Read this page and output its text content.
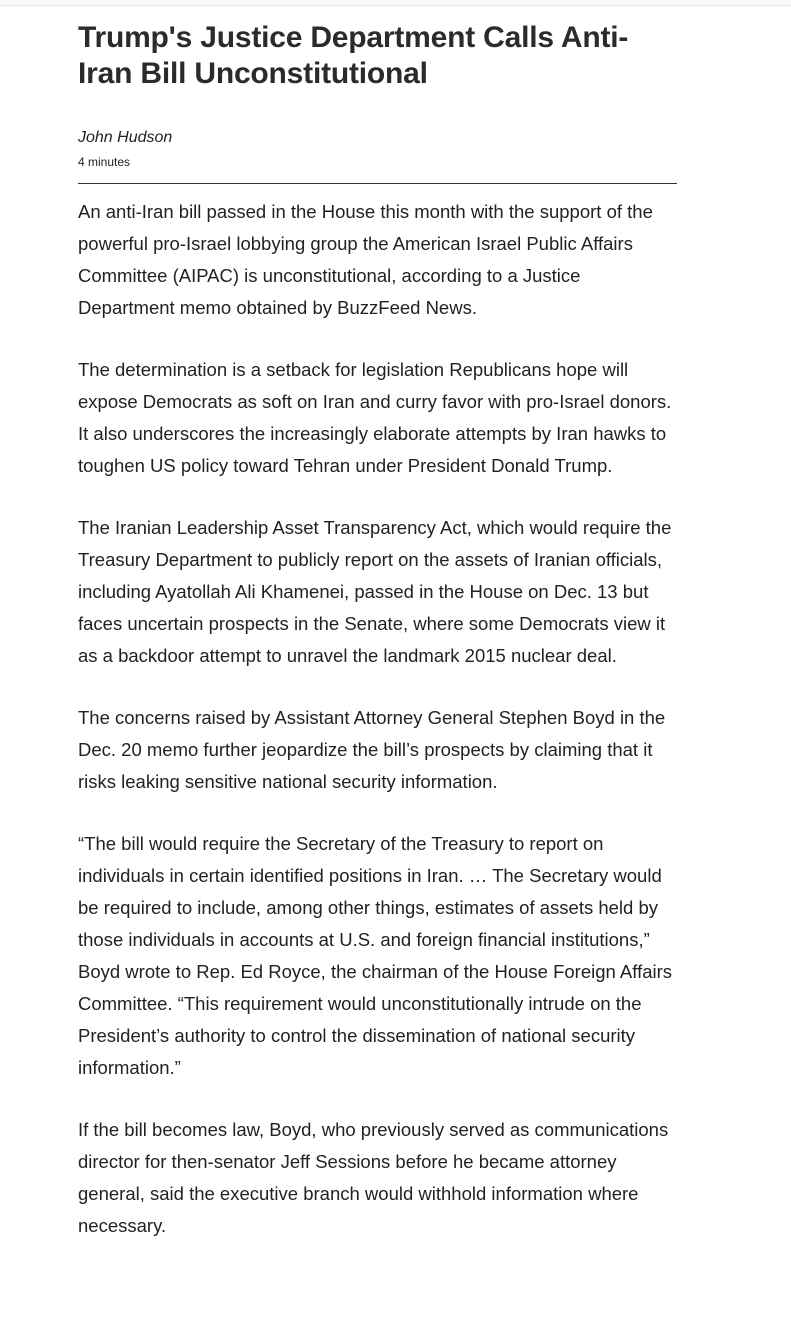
Trump's Justice Department Calls Anti-Iran Bill Unconstitutional
John Hudson
4 minutes

An anti-Iran bill passed in the House this month with the support of the powerful pro-Israel lobbying group the American Israel Public Affairs Committee (AIPAC) is unconstitutional, according to a Justice Department memo obtained by BuzzFeed News.

The determination is a setback for legislation Republicans hope will expose Democrats as soft on Iran and curry favor with pro-Israel donors. It also underscores the increasingly elaborate attempts by Iran hawks to toughen US policy toward Tehran under President Donald Trump.

The Iranian Leadership Asset Transparency Act, which would require the Treasury Department to publicly report on the assets of Iranian officials, including Ayatollah Ali Khamenei, passed in the House on Dec. 13 but faces uncertain prospects in the Senate, where some Democrats view it as a backdoor attempt to unravel the landmark 2015 nuclear deal.

The concerns raised by Assistant Attorney General Stephen Boyd in the Dec. 20 memo further jeopardize the bill’s prospects by claiming that it risks leaking sensitive national security information.

“The bill would require the Secretary of the Treasury to report on individuals in certain identified positions in Iran. … The Secretary would be required to include, among other things, estimates of assets held by those individuals in accounts at U.S. and foreign financial institutions,” Boyd wrote to Rep. Ed Royce, the chairman of the House Foreign Affairs Committee. “This requirement would unconstitutionally intrude on the President’s authority to control the dissemination of national security information.”

If the bill becomes law, Boyd, who previously served as communications director for then-senator Jeff Sessions before he became attorney general, said the executive branch would withhold information where necessary.
